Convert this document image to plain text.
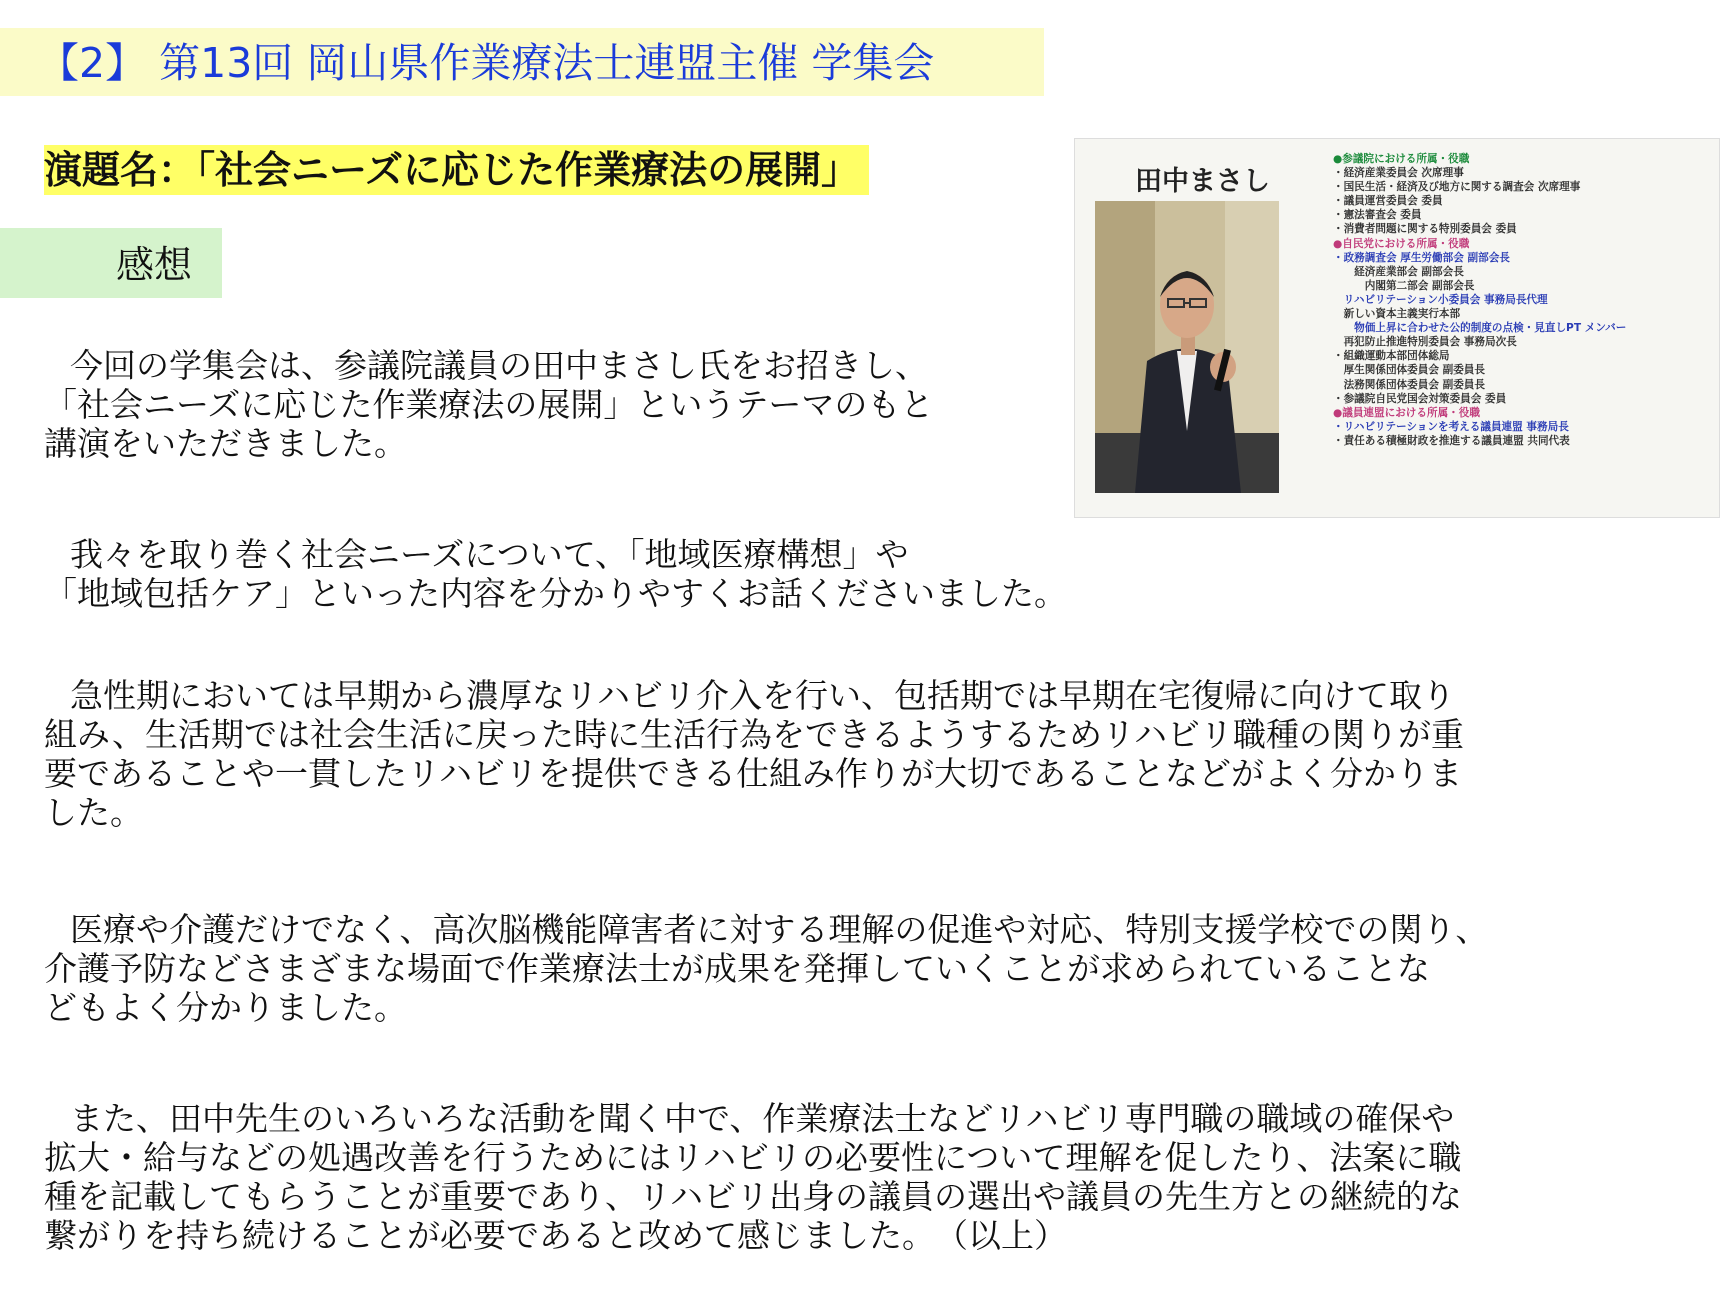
【2】 第13回 岡山県作業療法士連盟主催 学集会
演題名：「社会ニーズに応じた作業療法の展開」
感想

今回の学集会は、参議院議員の田中まさし氏をお招きし、
「社会ニーズに応じた作業療法の展開」というテーマのもと
講演をいただきました。

我々を取り巻く社会ニーズについて、「地域医療構想」や
「地域包括ケア」といった内容を分かりやすくお話くださいました。

急性期においては早期から濃厚なリハビリ介入を行い、包括期では早期在宅復帰に向けて取り
組み、生活期では社会生活に戻った時に生活行為をできるようするためリハビリ職種の関りが重
要であることや一貫したリハビリを提供できる仕組み作りが大切であることなどがよく分かりま
した。

医療や介護だけでなく、高次脳機能障害者に対する理解の促進や対応、特別支援学校での関り、
介護予防などさまざまな場面で作業療法士が成果を発揮していくことが求められていることな
どもよく分かりました。

また、田中先生のいろいろな活動を聞く中で、作業療法士などリハビリ専門職の職域の確保や
拡大・給与などの処遇改善を行うためにはリハビリの必要性について理解を促したり、法案に職
種を記載してもらうことが重要であり、リハビリ出身の議員の選出や議員の先生方との継続的な
繋がりを持ち続けることが必要であると改めて感じました。　（以上）

田中まさし
●参議院における所属・役職
・経済産業委員会 次席理事
・国民生活・経済及び地方に関する調査会 次席理事
・議員運営委員会 委員
・憲法審査会 委員
・消費者問題に関する特別委員会 委員
●自民党における所属・役職
・政務調査会 厚生労働部会 副部会長
　　経済産業部会 副部会長
　　　内閣第二部会 副部会長
　リハビリテーション小委員会 事務局長代理
　新しい資本主義実行本部
　　物価上昇に合わせた公的制度の点検・見直しPT メンバー
　再犯防止推進特別委員会 事務局次長
・組織運動本部団体総局
　厚生関係団体委員会 副委員長
　法務関係団体委員会 副委員長
・参議院自民党国会対策委員会 委員
●議員連盟における所属・役職
・リハビリテーションを考える議員連盟 事務局長
・責任ある積極財政を推進する議員連盟 共同代表
